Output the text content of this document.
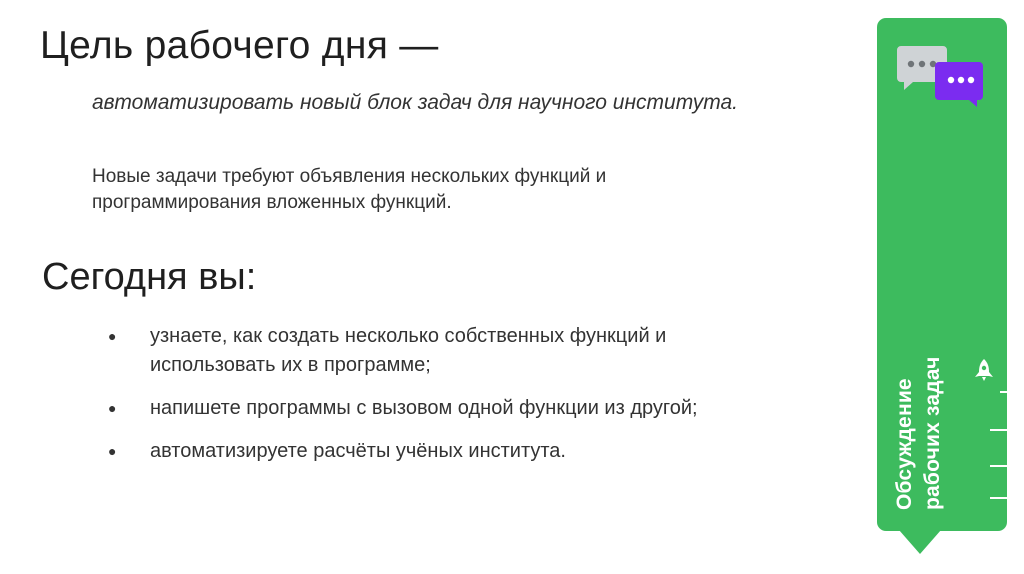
Цель рабочего дня —
автоматизировать новый блок задач для научного института.
Новые задачи требуют объявления нескольких функций и программирования вложенных функций.
Сегодня вы:
● узнаете, как создать несколько собственных функций и использовать их в программе;
● напишете программы с вызовом одной функции из другой;
● автоматизируете расчёты учёных института.	Обсуждение рабочих задач
